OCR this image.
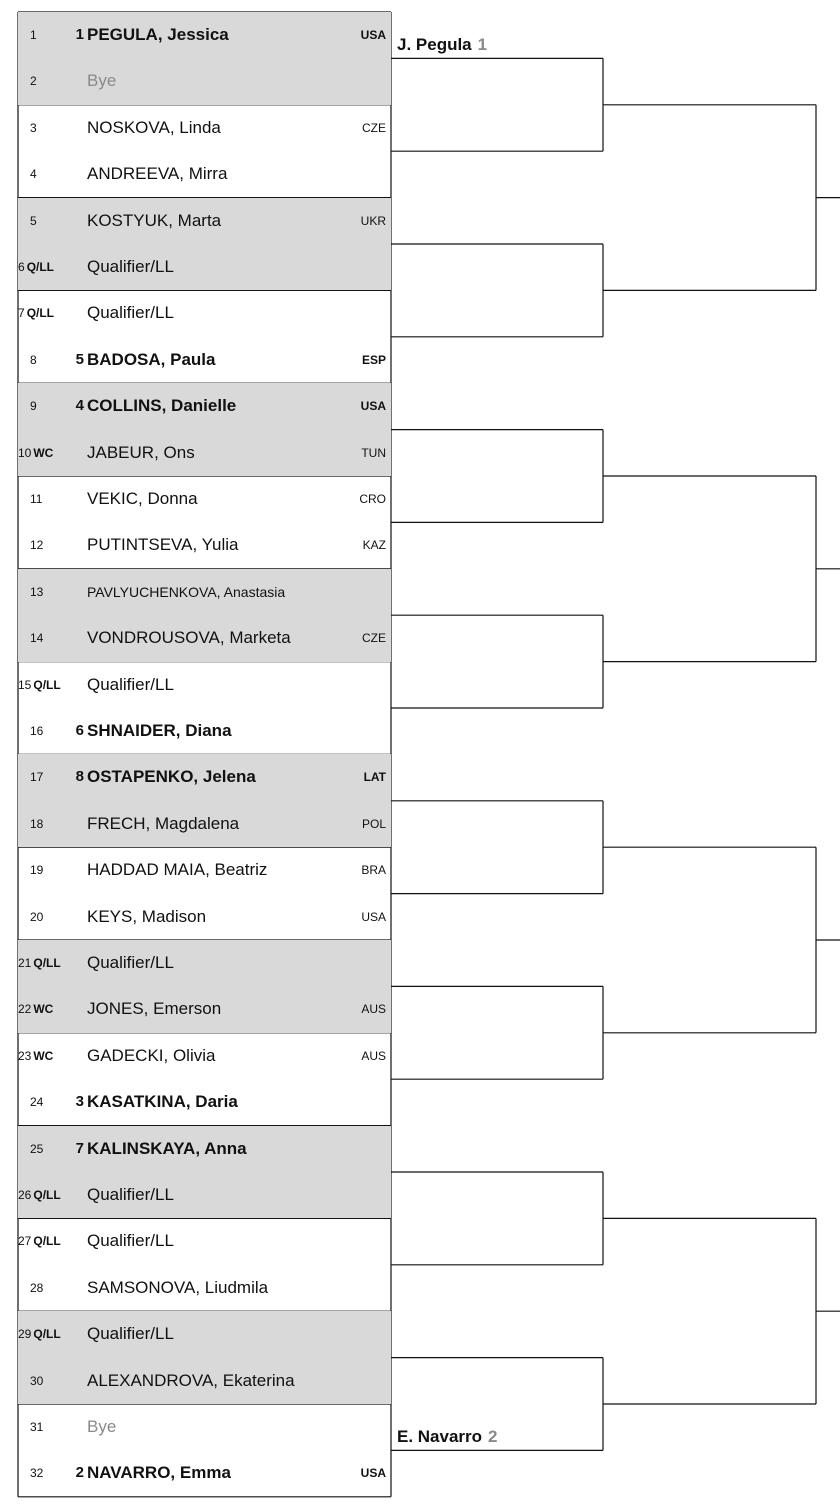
1	1 PEGULA, Jessica	USA
2	Bye
3	NOSKOVA, Linda	CZE
4	ANDREEVA, Mirra
5	KOSTYUK, Marta	UKR
6 Q/LL Qualifier/LL
7 Q/LL Qualifier/LL
8	5 BADOSA, Paula	ESP
9	4 COLLINS, Danielle	USA
10 WC JABEUR, Ons	TUN
11	VEKIC, Donna	CRO
12	PUTINTSEVA, Yulia	KAZ
13	PAVLYUCHENKOVA, Anastasia
14	VONDROUSOVA, Marketa	CZE
15 Q/LL Qualifier/LL
16	6 SHNAIDER, Diana
17	8 OSTAPENKO, Jelena	LAT
18	FRECH, Magdalena	POL
19	HADDAD MAIA, Beatriz	BRA
20	KEYS, Madison	USA
21 Q/LL Qualifier/LL
22 WC JONES, Emerson	AUS
23 WC GADECKI, Olivia	AUS
24	3 KASATKINA, Daria
25	7 KALINSKAYA, Anna
26 Q/LL Qualifier/LL
27 Q/LL Qualifier/LL
28	SAMSONOVA, Liudmila
29 Q/LL Qualifier/LL
30	ALEXANDROVA, Ekaterina
31	Bye
32	2 NAVARRO, Emma	USA
J. Pegula 1
E. Navarro 2
